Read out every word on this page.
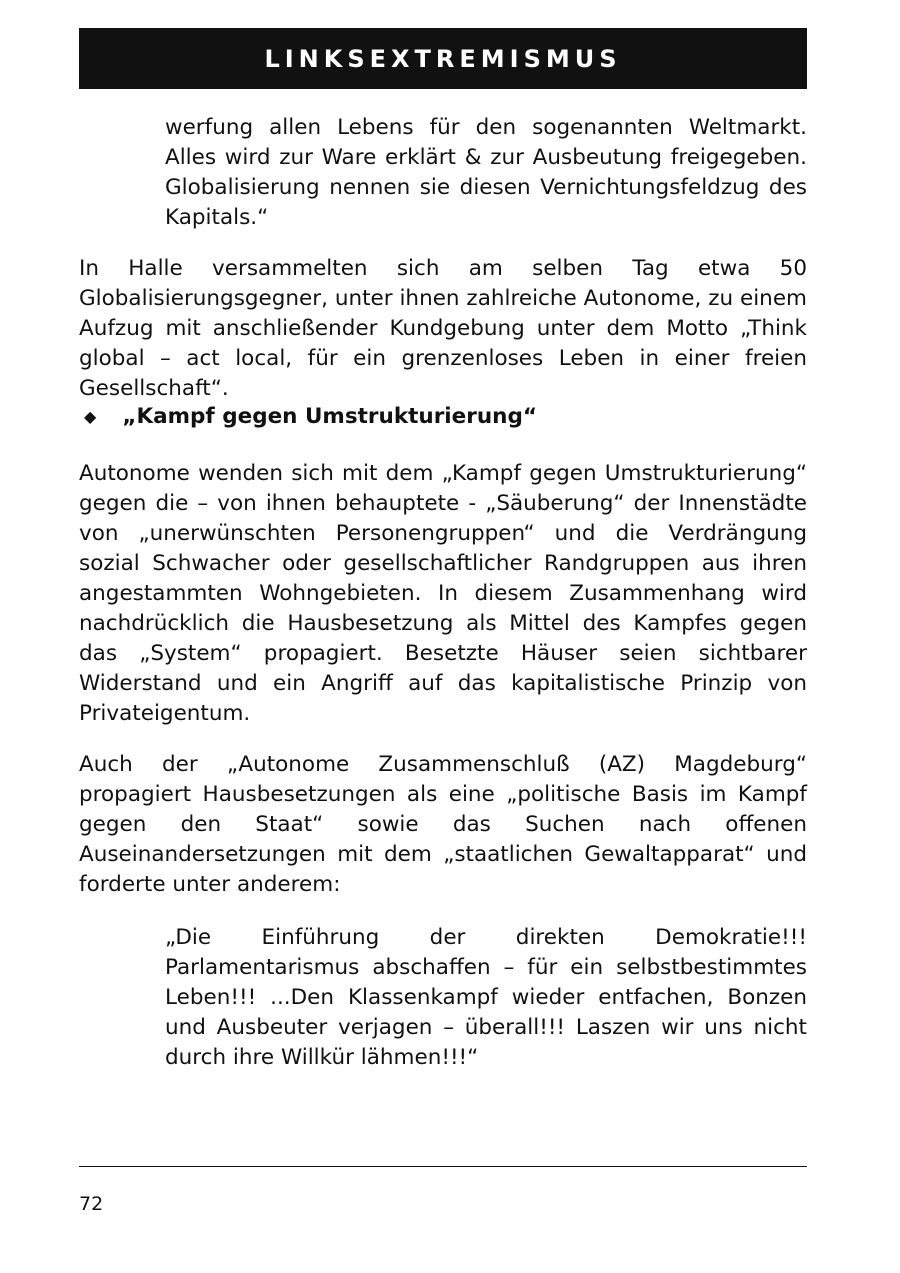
LINKSEXTREMISMUS

werfung allen Lebens für den sogenannten Weltmarkt. Alles wird zur Ware erklärt & zur Ausbeutung freigegeben. Globalisierung nennen sie diesen Vernichtungsfeldzug des Kapitals.“

In Halle versammelten sich am selben Tag etwa 50 Globalisierungsgegner, unter ihnen zahlreiche Autonome, zu einem Aufzug mit anschließender Kundgebung unter dem Motto „Think global – act local, für ein grenzenloses Leben in einer freien Gesellschaft“.

◆ „Kampf gegen Umstrukturierung“

Autonome wenden sich mit dem „Kampf gegen Umstrukturierung“ gegen die – von ihnen behauptete - „Säuberung“ der Innenstädte von „unerwünschten Personengruppen“ und die Verdrängung sozial Schwacher oder gesellschaftlicher Randgruppen aus ihren angestammten Wohngebieten. In diesem Zusammenhang wird nachdrücklich die Hausbesetzung als Mittel des Kampfes gegen das „System“ propagiert. Besetzte Häuser seien sichtbarer Widerstand und ein Angriff auf das kapitalistische Prinzip von Privateigentum.

Auch der „Autonome Zusammenschluß (AZ) Magdeburg“ propagiert Hausbesetzungen als eine „politische Basis im Kampf gegen den Staat“ sowie das Suchen nach offenen Auseinandersetzungen mit dem „staatlichen Gewaltapparat“ und forderte unter anderem:

„Die Einführung der direkten Demokratie!!! Parlamentarismus abschaffen – für ein selbstbestimmtes Leben!!! ...Den Klassenkampf wieder entfachen, Bonzen und Ausbeuter verjagen – überall!!! Laszen wir uns nicht durch ihre Willkür lähmen!!!“

72
